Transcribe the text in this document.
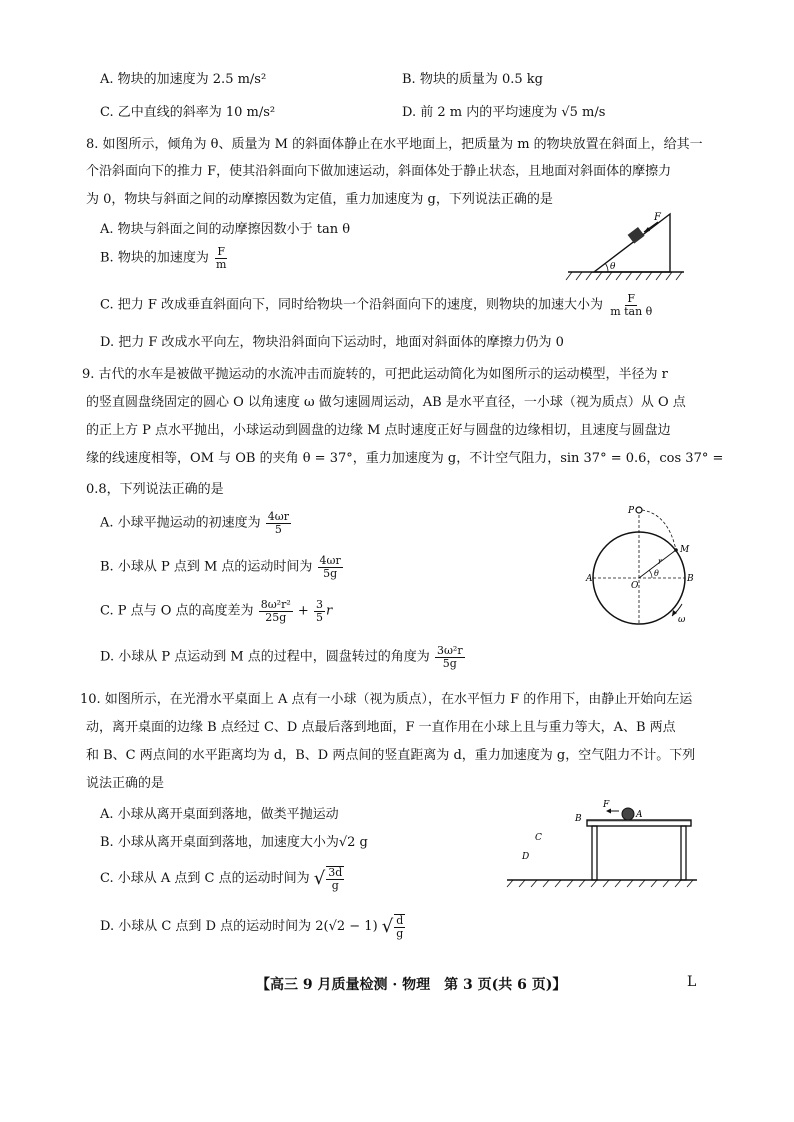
A. 物块的加速度为 2.5 m/s²	B. 物块的质量为 0.5 kg
C. 乙中直线的斜率为 10 m/s²	D. 前 2 m 内的平均速度为 √5 m/s
8. 如图所示，倾角为 θ、质量为 M 的斜面体静止在水平地面上，把质量为 m 的物块放置在斜面上，给其一
个沿斜面向下的推力 F，使其沿斜面向下做加速运动，斜面体处于静止状态，且地面对斜面体的摩擦力
为 0，物块与斜面之间的动摩擦因数为定值，重力加速度为 g，下列说法正确的是
A. 物块与斜面之间的动摩擦因数小于 tan θ
B. 物块的加速度为 $\frac{F}{m}$
C. 把力 F 改成垂直斜面向下，同时给物块一个沿斜面向下的速度，则物块的加速大小为 $\frac{F}{\text{m tan θ}}$
D. 把力 F 改成水平向左，物块沿斜面向下运动时，地面对斜面体的摩擦力仍为 0
F
θ
9. 古代的水车是被做平抛运动的水流冲击而旋转的，可把此运动简化为如图所示的运动模型，半径为 r
的竖直圆盘绕固定的圆心 O 以角速度 ω 做匀速圆周运动，AB 是水平直径，一小球（视为质点）从 O 点
的正上方 P 点水平抛出，小球运动到圆盘的边缘 M 点时速度正好与圆盘的边缘相切，且速度与圆盘边
缘的线速度相等，OM 与 OB 的夹角 θ = 37°，重力加速度为 g，不计空气阻力，sin 37° = 0.6，cos 37° =
0.8，下列说法正确的是
A. 小球平抛运动的初速度为 $\frac{4\omega r}{5}$
B. 小球从 P 点到 M 点的运动时间为 $\frac{4\omega r}{5g}$
C. P 点与 O 点的高度差为 $\frac{\text{8ω²r²}}{25g} + \frac{3}{5}$ r
D. 小球从 P 点运动到 M 点的过程中，圆盘转过的角度为 $\frac{\text{3ω²r}}{5g}$
P
M
A	B
O
r
θ
ω
10. 如图所示，在光滑水平桌面上 A 点有一小球（视为质点），在水平恒力 F 的作用下，由静止开始向左运
动，离开桌面的边缘 B 点经过 C、D 点最后落到地面，F 一直作用在小球上且与重力等大，A、B 两点
和 B、C 两点间的水平距离均为 d，B、D 两点间的竖直距离为 d，重力加速度为 g，空气阻力不计。下列
说法正确的是
A. 小球从离开桌面到落地，做类平抛运动
B. 小球从离开桌面到落地，加速度大小为√2 g
C. 小球从 A 点到 C 点的运动时间为 √ $\frac{3d}{g}$
D. 小球从 C 点到 D 点的运动时间为 2(√2 − 1) √ $\frac{d}{g}$
F
A
B
C
D
【高三 9 月质量检测 · 物理　第 3 页(共 6 页)】	L
